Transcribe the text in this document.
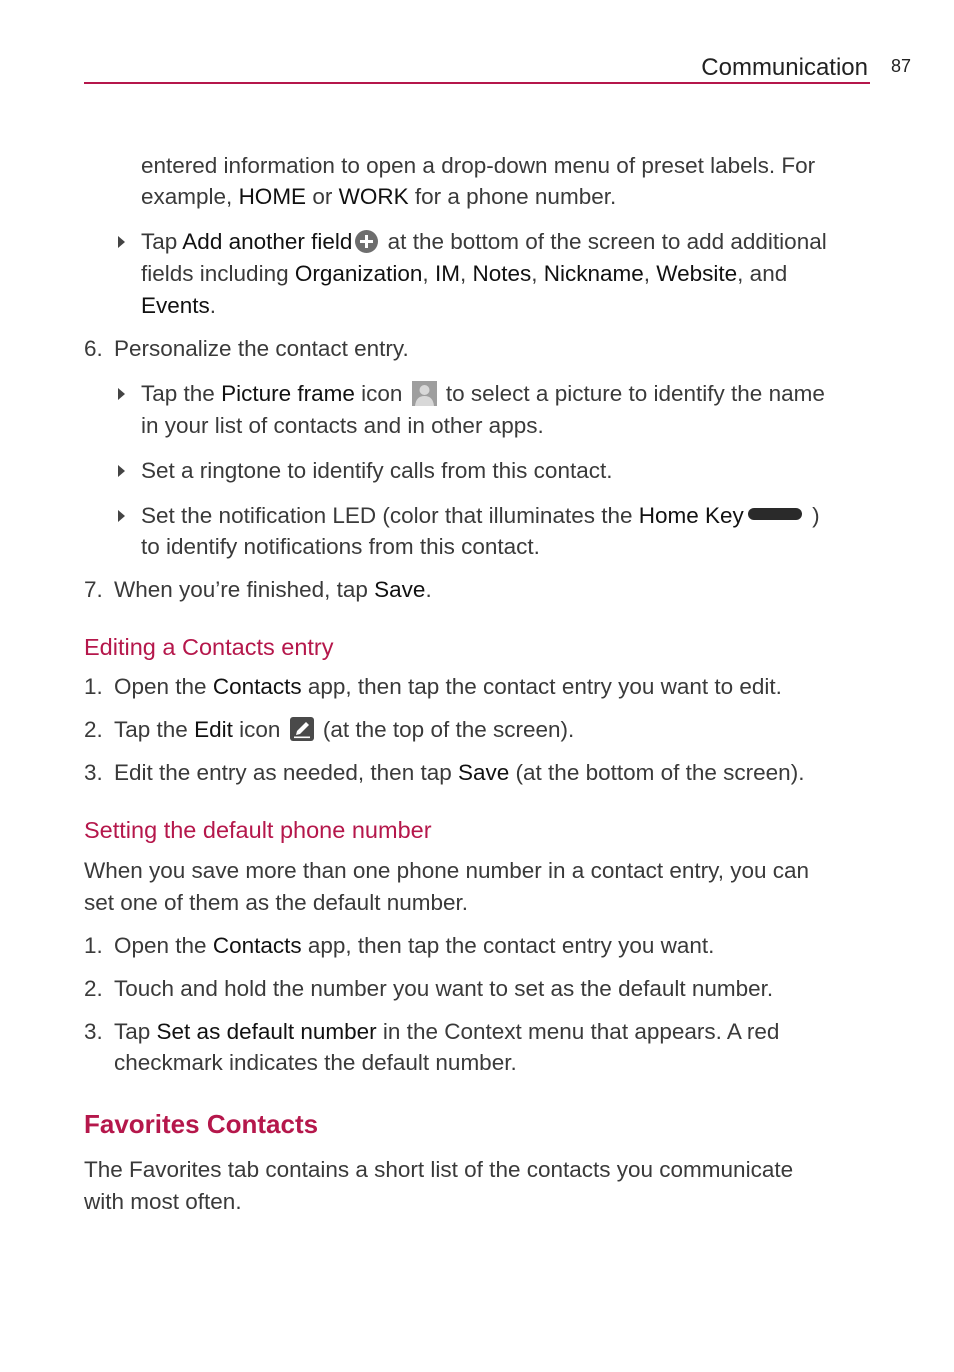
Communication 87
entered information to open a drop-down menu of preset labels. For
example, HOME or WORK for a phone number.
Tap Add another field at the bottom of the screen to add additional
fields including Organization, IM, Notes, Nickname, Website, and
Events.
6. Personalize the contact entry.
Tap the Picture frame icon  to select a picture to identify the name
in your list of contacts and in other apps.
Set a ringtone to identify calls from this contact.
Set the notification LED (color that illuminates the Home Key	)
to identify notifications from this contact.
7. When you’re finished, tap Save.
Editing a Contacts entry
1. Open the Contacts app, then tap the contact entry you want to edit.
2. Tap the Edit icon  (at the top of the screen).
3. Edit the entry as needed, then tap Save (at the bottom of the screen).
Setting the default phone number
When you save more than one phone number in a contact entry, you can
set one of them as the default number.
1. Open the Contacts app, then tap the contact entry you want.
2. Touch and hold the number you want to set as the default number.
3. Tap Set as default number in the Context menu that appears. A red
checkmark indicates the default number.
Favorites Contacts
The Favorites tab contains a short list of the contacts you communicate
with most often.
